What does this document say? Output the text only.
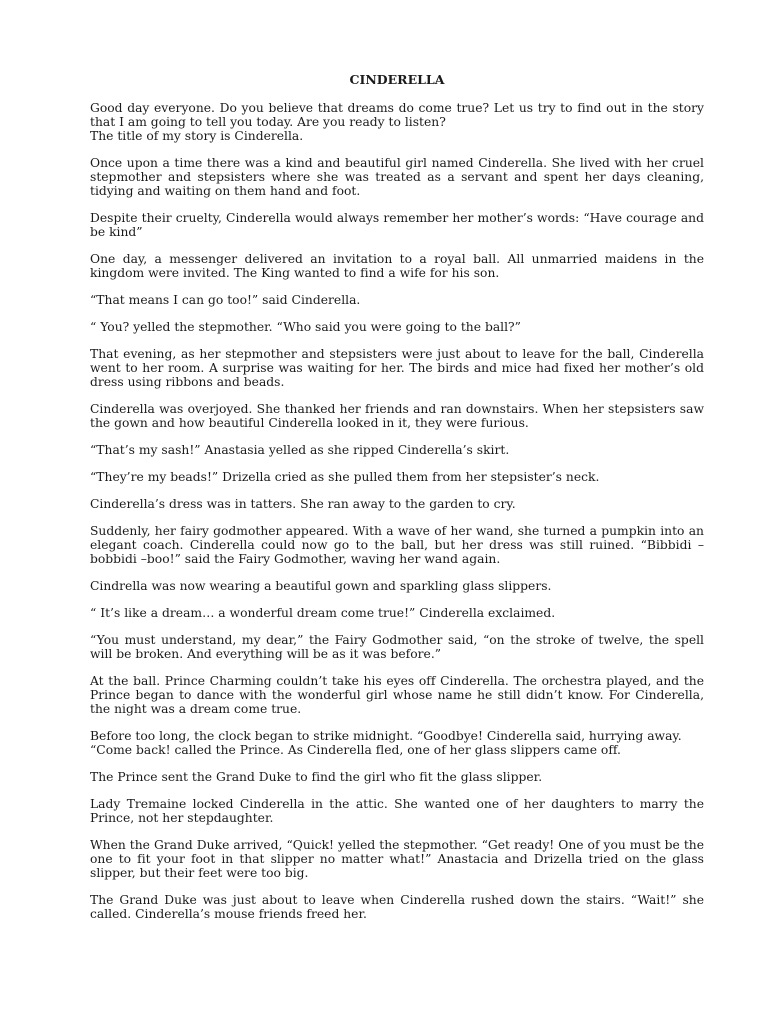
CINDERELLA

Good day everyone. Do you believe that dreams do come true? Let us try to find out in the story that I am going to tell you today. Are you ready to listen?

The title of my story is Cinderella.

Once upon a time there was a kind and beautiful girl named Cinderella. She lived with her cruel stepmother and stepsisters where she was treated as a servant and spent her days cleaning, tidying and waiting on them hand and foot.

Despite their cruelty, Cinderella would always remember her mother’s words: “Have courage and be kind”

One day, a messenger delivered an invitation to a royal ball. All unmarried maidens in the kingdom were invited. The King wanted to find a wife for his son.

“That means I can go too!” said Cinderella.

“ You? yelled the stepmother. “Who said you were going to the ball?”

That evening, as her stepmother and stepsisters were just about to leave for the ball, Cinderella went to her room. A surprise was waiting for her. The birds and mice had fixed her mother’s old dress using ribbons and beads.

Cinderella was overjoyed. She thanked her friends and ran downstairs. When her stepsisters saw the gown and how beautiful Cinderella looked in it, they were furious.

“That’s my sash!” Anastasia yelled as she ripped Cinderella’s skirt.

“They’re my beads!” Drizella cried as she pulled them from her stepsister’s neck.

Cinderella’s dress was in tatters. She ran away to the garden to cry.

Suddenly, her fairy godmother appeared. With a wave of her wand, she turned a pumpkin into an elegant coach. Cinderella could now go to the ball, but her dress was still ruined. “Bibbidi – bobbidi –boo!” said the Fairy Godmother, waving her wand again.

Cindrella was now wearing a beautiful gown and sparkling glass slippers.

“ It’s like a dream… a wonderful dream come true!” Cinderella exclaimed.

“You must understand, my dear,” the Fairy Godmother said, “on the stroke of twelve, the spell will be broken. And everything will be as it was before.”

At the ball. Prince Charming couldn’t take his eyes off Cinderella. The orchestra played, and the Prince began to dance with the wonderful girl whose name he still didn’t know. For Cinderella, the night was a dream come true.

Before too long, the clock began to strike midnight. “Goodbye! Cinderella said, hurrying away.

“Come back! called the Prince. As Cinderella fled, one of her glass slippers came off.

The Prince sent the Grand Duke to find the girl who fit the glass slipper.

Lady Tremaine locked Cinderella in the attic. She wanted one of her daughters to marry the Prince, not her stepdaughter.

When the Grand Duke arrived, “Quick! yelled the stepmother. “Get ready! One of you must be the one to fit your foot in that slipper no matter what!” Anastacia and Drizella tried on the glass slipper, but their feet were too big.

The Grand Duke was just about to leave when Cinderella rushed down the stairs. “Wait!” she called. Cinderella’s mouse friends freed her.
